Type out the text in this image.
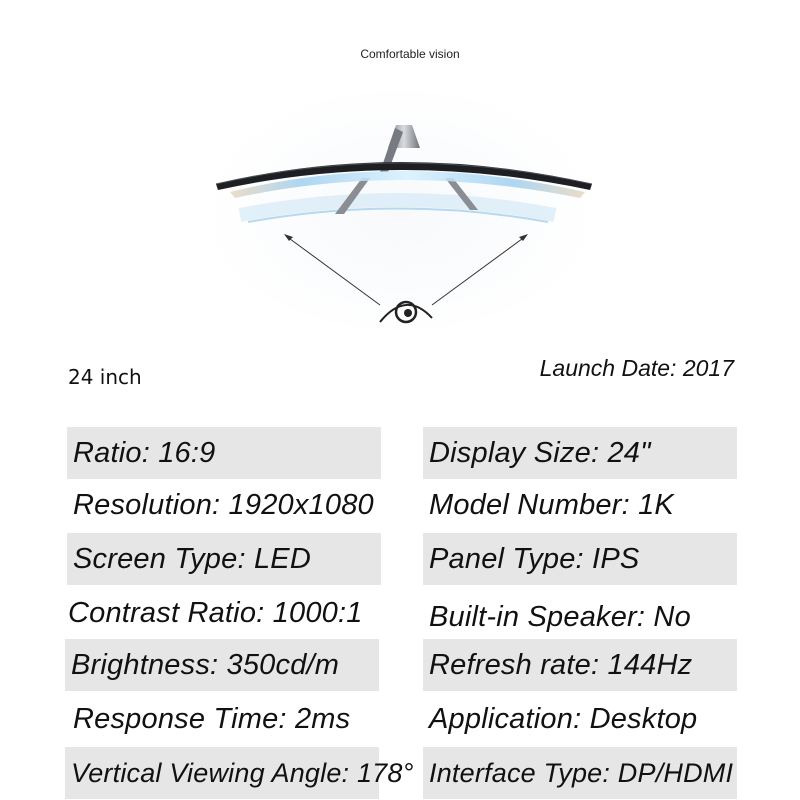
Comfortable vision
24 inch	Launch Date: 2017
Ratio: 16:9
Resolution: 1920x1080
Screen Type: LED
Contrast Ratio: 1000:1
Brightness: 350cd/m
Response Time: 2ms
Vertical Viewing Angle: 178°
Display Size: 24"
Model Number: 1K
Panel Type: IPS
Built-in Speaker: No
Refresh rate: 144Hz
Application: Desktop
Interface Type: DP/HDMI
